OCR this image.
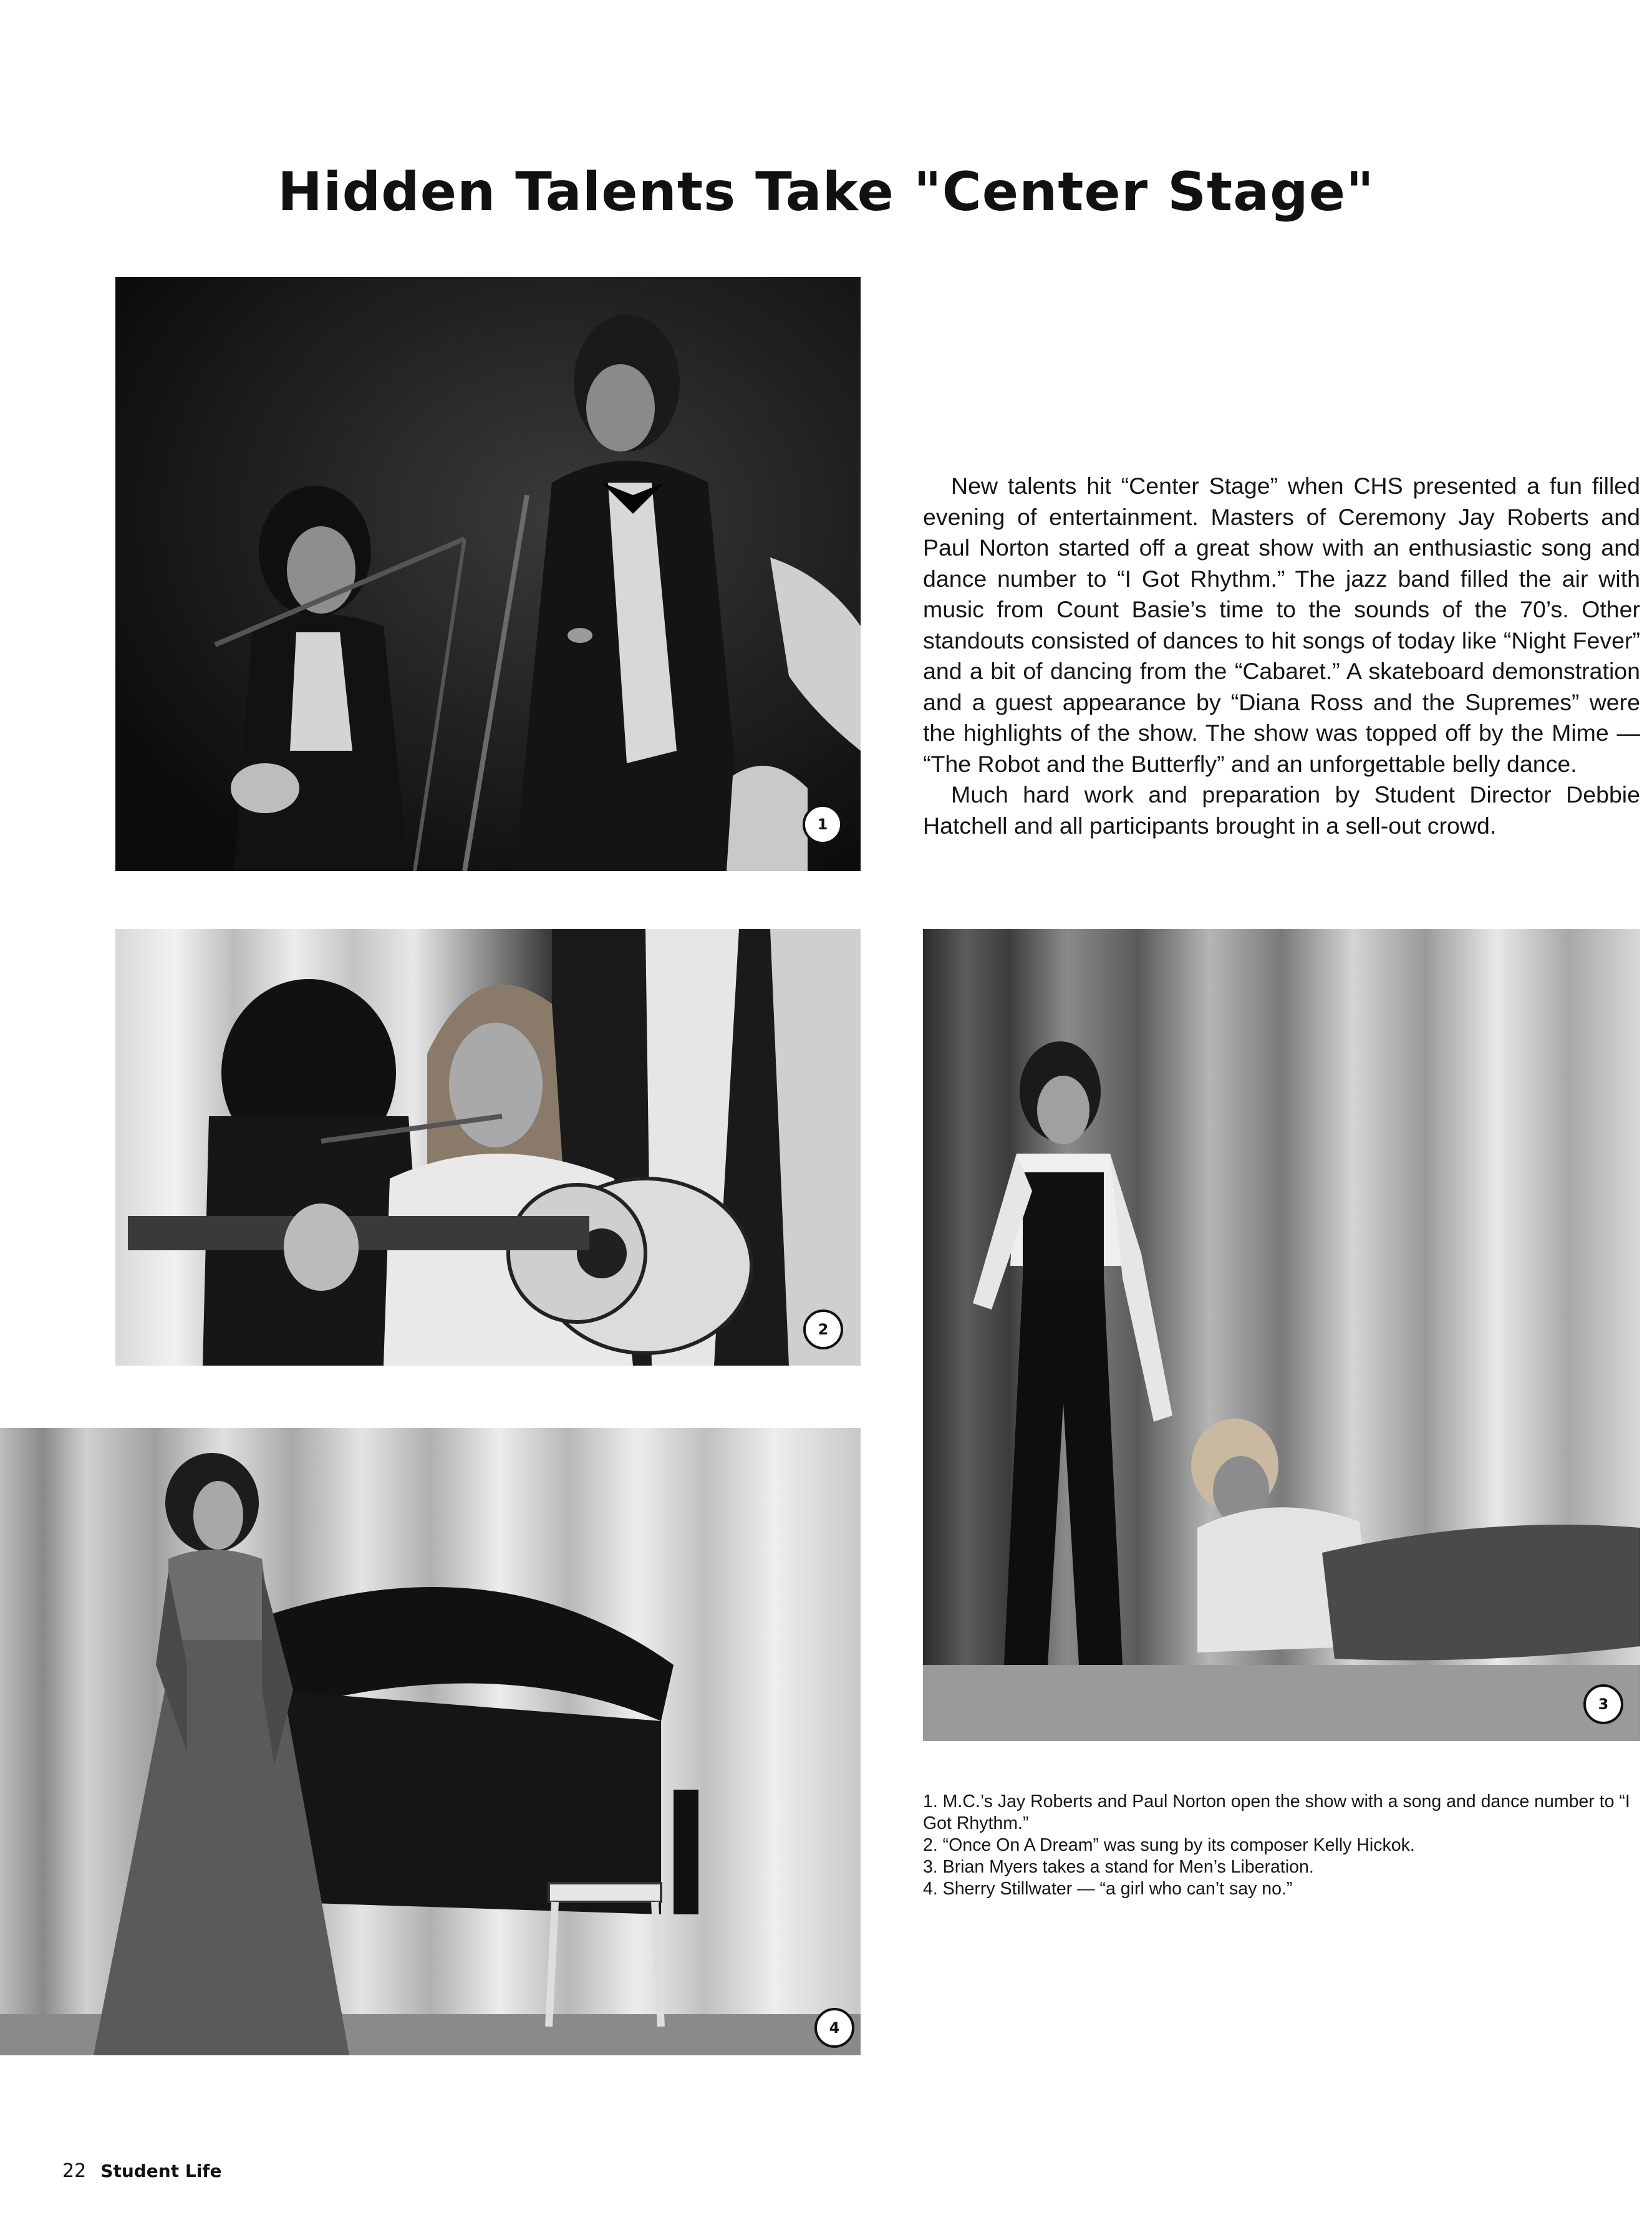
Hidden Talents Take "Center Stage"
1
2
3
4

New talents hit “Center Stage” when CHS presented a fun filled evening of entertainment. Masters of Ceremony Jay Roberts and Paul Norton started off a great show with an enthusiastic song and dance number to “I Got Rhythm.” The jazz band filled the air with music from Count Basie’s time to the sounds of the 70’s. Other standouts consisted of dances to hit songs of today like “Night Fever” and a bit of dancing from the “Cabaret.” A skateboard demonstration and a guest appearance by “Diana Ross and the Supremes” were the highlights of the show. The show was topped off by the Mime — “The Robot and the Butterfly” and an unforgettable belly dance.

Much hard work and preparation by Student Director Debbie Hatchell and all participants brought in a sell-out crowd.

1. M.C.’s Jay Roberts and Paul Norton open the show with a song and dance number to “I Got Rhythm.”
2. “Once On A Dream” was sung by its composer Kelly Hickok.
3. Brian Myers takes a stand for Men’s Liberation.
4. Sherry Stillwater — “a girl who can’t say no.”
22 Student Life
